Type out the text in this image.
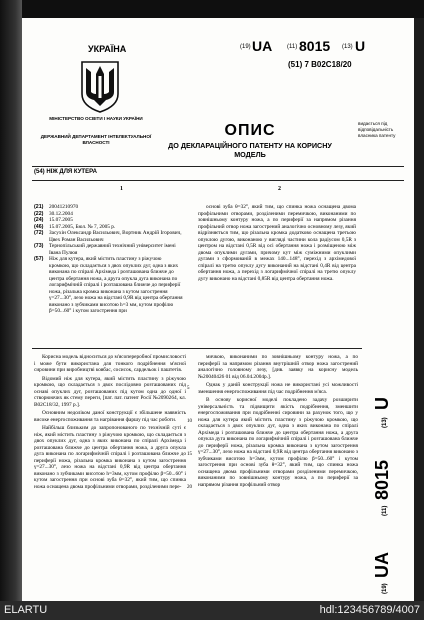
УКРАЇНА
МІНІСТЕРСТВО ОСВІТИ І НАУКИ УКРАЇНИ
ДЕРЖАВНИЙ ДЕПАРТАМЕНТ ІНТЕЛЕКТУАЛЬНОЇ ВЛАСНОСТІ
(19) UA (11) 8015 (13) U
(51) 7 B02C18/20
ОПИС
ДО ДЕКЛАРАЦІЙНОГО ПАТЕНТУ НА КОРИСНУ МОДЕЛЬ
видається під відповідальність власника патенту
(54) НІЖ ДЛЯ КУТЕРА
1	2
(21)	20041210970
(22)	30.12.2004
(24)	15.07.2005
(46)	15.07.2005, Бюл. № 7, 2005 р.
(72)	Засухін Олександр Васильович, Вортник Андрій Ігорович, Цвех Роман Васильович
(73)	Тернопільський державний технічний університет імені Івана Пулюя
(57)	Ніж для кутера, який містить пластину з ріжучою кромкою, що складається з двох опуклих дуг, одна з яких виконана по спіралі Архімеда і розташована ближче до центра обертання ножа, а друга опукла дуга виконана по логарифмічній спіралі і розташована ближче до периферії ножа, різальна кромка виконана з кутом загострення γ=27...30°, лезо ножа на відстані 0,9R від центра обертання виконано з зубчиками висотою h=3 мм, кутом профілю β=50...60° і кутом загострення при

основі зуба θ=32°, який тим, що спинка ножа оснащена двома профільними отворами, розділеними перемичкою, виконаними по зовнішньому контуру ножа, а по периферії за напрямом різання профільний отвор ножа загострений аналогічно основному лезу, який відрізняється тим, що різальна кромка додатково оснащена третьою опуклою дугою, виконаною у вигляді частини кола радіусом 0,5R з центром на відстані 0,5R від осі обертання ножа і розміщеною між двома опуклими дугами, причому кут між суміжними опуклими дугами з сформованій в межах 140...148°, перехід з архімедової спіралі на третю опуклу дугу виконаний на відстані 0,4R від центра обертання ножа, а перехід з логарифмічної спіралі на третю опуклу дугу виконано на відстані 0,85R від центра обертання ножа.

Корисна модель відноситься до м'ясопереробної промисловості і може бути використана для тонкого подрібнення м'ясної сировини при виробництві ковбас, сосисок, сардельок і паштетів.

Відомий ніж для кутера, який містить пластину з ріжучою кромкою, що складається з двох послідовно розташованих під оснаві опуклих дуг, розташованих під кутом одна до одної і створюючих як стему переги, [пат. пат. патент Росії №2090264, кл. B02C18/32, 1997 р.].

Основним недоліком даної конструкції є збільшене наявність високе енергоспоживання та нагрівання фаршу під час роботи.

Найбільш близьким до запропонованого по технічній суті є ніж, який містить пластину з ріжучою кромкою, що складається з двох опуклих дуг, одна з яких виконана по спіралі Архімеда і розташована ближче до центра обертання ножа, а друга опукла дуга виконана по логарифмічній спіралі і розташована ближче до периферії ножа, різальна кромка виконана з кутом загострення γ=27...30°, лезо ножа на відстані 0,9R від центра обертання виконано з зубчиками висотою h=3мм, кутом профілю β=50...60° і кутом загострення при основі зуба θ=32°, який тим, що спинка ножа оснащена двома профільними отворами, розділеними пере-

5
10
15
20

мичкою, виконаними по зовнішньому контуру ножа, а по периферії за напрямом різання внутрішній отвор ножа загострений аналогічно головному лезу, [див. заявку на корисну модель №20040426 01 від 06.04.2004р.].

Однак у даній конструкції ножа не використані усі можливості зменшення енергоспоживання під час подрібнення м'ясa.

В основу корисної моделі покладено задачу розширити універсальність та підвищити якість подрібнення, зменшити енергоспоживання при подрібненні сировини за рахунок того, що у ножа для кутера який містить пластину з ріжучою кромкою, що складається з двох опуклих дуг, одна з яких виконана по спіралі Архімеда і розташована ближче до центра обертання ножа, а друга опукла дуга виконана по логарифмічній спіралі і розташована ближче до периферії ножа, різальна кромка виконана з кутом загострення γ=27...30°, лезо ножа на відстані 0,9R від центра обертання виконано з зубчиками висотою h=3мм, кутом профілю β=50...60° і кутом загострення при основі зуба θ=32°, який тим, що спинка ножа оснащена двома профільними отворами розділеними перемичкою, виконаними по зовнішньому контуру ножа, а по периферії за напрямом різання профільний отвор

(19)
UA
(11)
8015
(13)
U
ELARTU	hdl:123456789/4007
